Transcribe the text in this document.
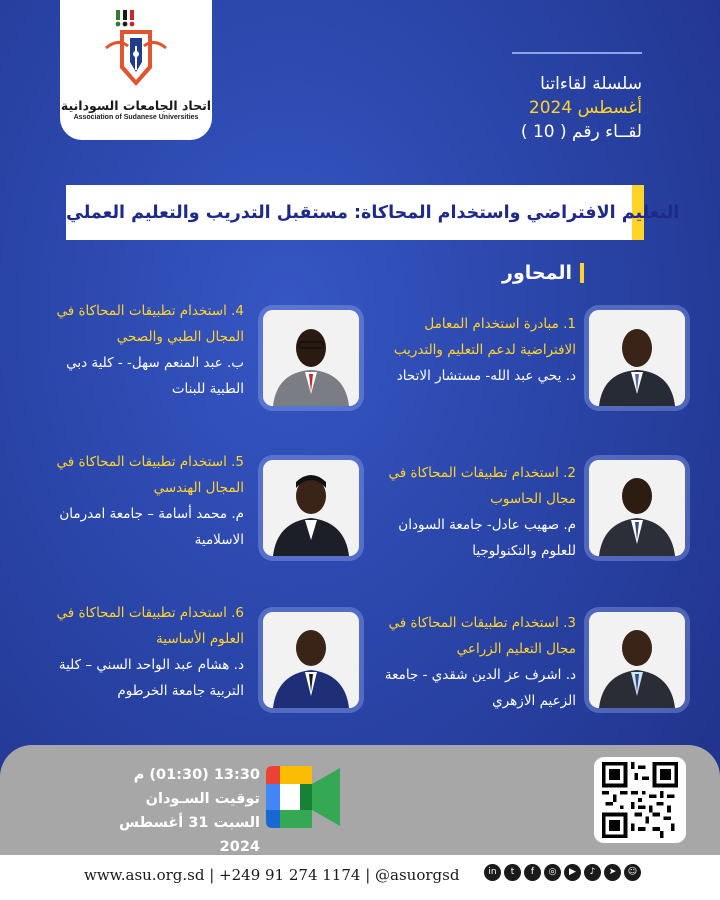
اتحاد الجامعات السودانية
Association of Sudanese Universities
سلسلة لقاءاتنا
أغسطس 2024
لقــاء رقم ( 10 )
التعليم الافتراضي واستخدام المحاكاة: مستقبل التدريب والتعليم العملي
المحاور
1. مبادرة استخدام المعامل الافتراضية لدعم التعليم والتدريب
د. يحي عبد الله- مستشار الاتحاد
4. استخدام تطبيقات المحاكاة في المجال الطبي والصحي
ب. عبد المنعم سهل- - كلية دبي الطبية للبنات
2. استخدام تطبيقات المحاكاة في مجال الحاسوب
م. صهيب عادل- جامعة السودان للعلوم والتكنولوجيا
5. استخدام تطبيقات المحاكاة في المجال الهندسي
م. محمد أسامة – جامعة امدرمان الاسلامية
3. استخدام تطبيقات المحاكاة في مجال التعليم الزراعي
د. اشرف عز الدين شقدي - جامعة الزعيم الازهري
6. استخدام تطبيقات المحاكاة في العلوم الأساسية
د. هشام عبد الواحد السني – كلية التربية جامعة الخرطوم
13:30 (01:30) م
توقيت السـودان
السبت 31 أغسطس 2024
www.asu.org.sd | +249 91 274 1174 | @asuorgsd	in	t	f	◎	▶	♪	➤	☺
